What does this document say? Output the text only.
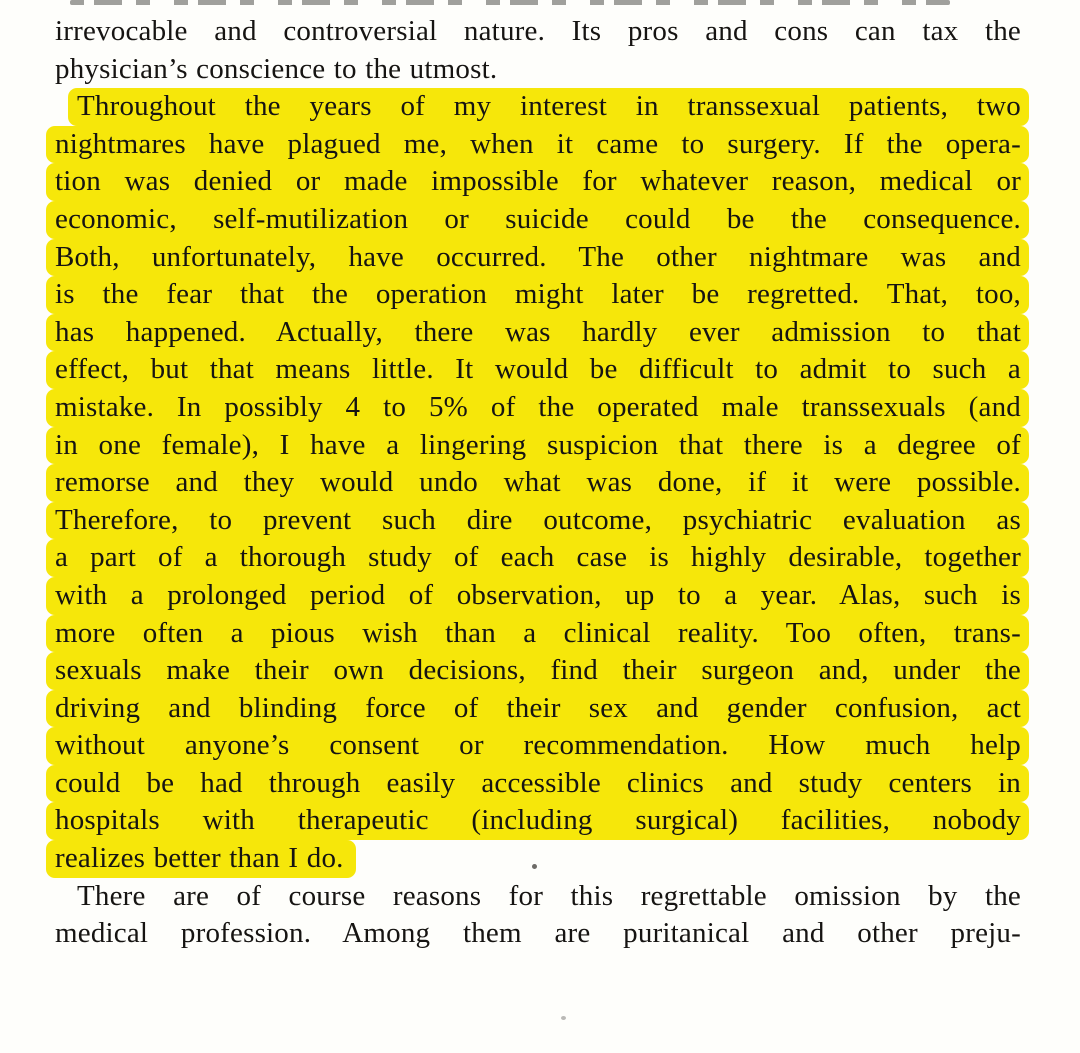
irrevocable and controversial nature. Its pros and cons can tax the
physician’s conscience to the utmost.
Throughout the years of my interest in transsexual patients, two
nightmares have plagued me, when it came to surgery. If the opera-
tion was denied or made impossible for whatever reason, medical or
economic, self-mutilization or suicide could be the consequence.
Both, unfortunately, have occurred. The other nightmare was and
is the fear that the operation might later be regretted. That, too,
has happened. Actually, there was hardly ever admission to that
effect, but that means little. It would be difficult to admit to such a
mistake. In possibly 4 to 5% of the operated male transsexuals (and
in one female), I have a lingering suspicion that there is a degree of
remorse and they would undo what was done, if it were possible.
Therefore, to prevent such dire outcome, psychiatric evaluation as
a part of a thorough study of each case is highly desirable, together
with a prolonged period of observation, up to a year. Alas, such is
more often a pious wish than a clinical reality. Too often, trans-
sexuals make their own decisions, find their surgeon and, under the
driving and blinding force of their sex and gender confusion, act
without anyone’s consent or recommendation. How much help
could be had through easily accessible clinics and study centers in
hospitals with therapeutic (including surgical) facilities, nobody
realizes better than I do.
There are of course reasons for this regrettable omission by the
medical profession. Among them are puritanical and other preju-
